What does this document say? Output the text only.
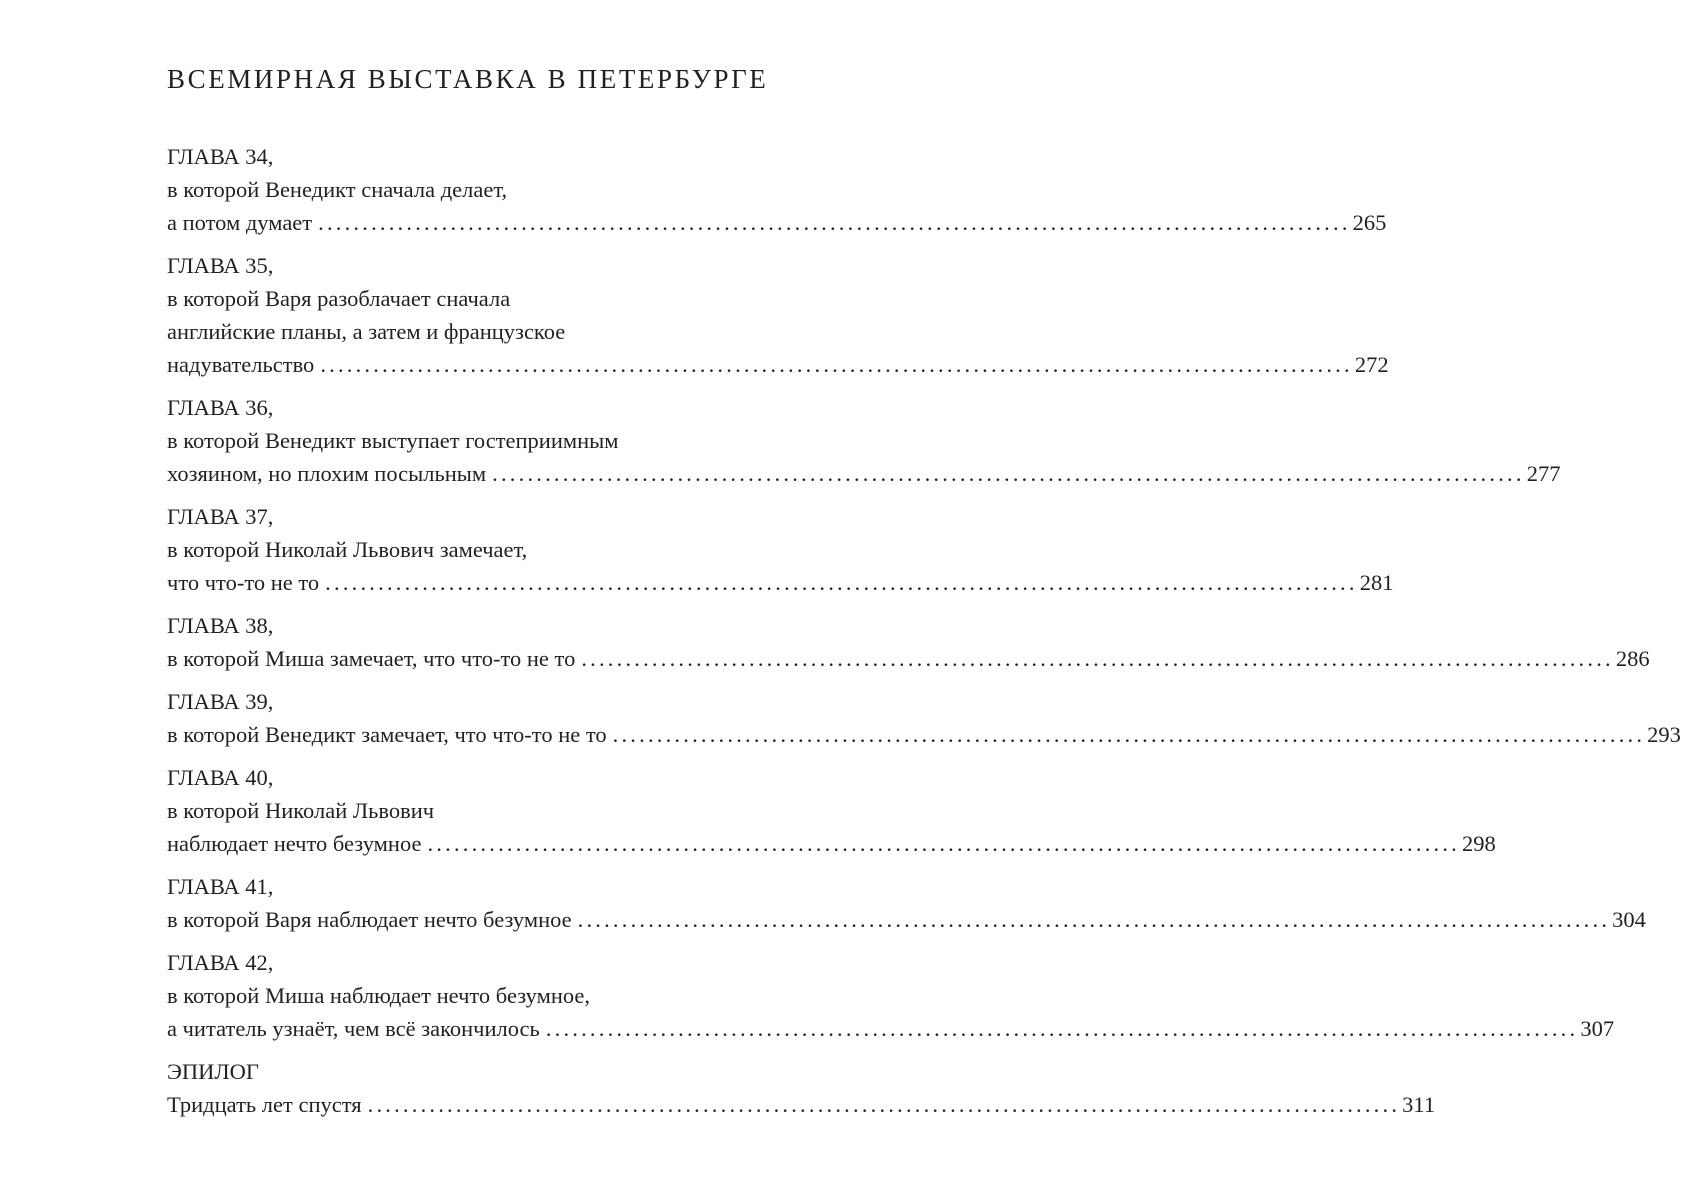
ВСЕМИРНАЯ ВЫСТАВКА В ПЕТЕРБУРГЕ
ГЛАВА 34,
в которой Венедикт сначала делает,
а потом думает ..................................................................................................................... 265
ГЛАВА 35,
в которой Варя разоблачает сначала
английские планы, а затем и французское
надувательство ..................................................................................................................... 272
ГЛАВА 36,
в которой Венедикт выступает гостеприимным
хозяином, но плохим посыльным ..................................................................................................................... 277
ГЛАВА 37,
в которой Николай Львович замечает,
что что-то не то ..................................................................................................................... 281
ГЛАВА 38,
в которой Миша замечает, что что-то не то ..................................................................................................................... 286
ГЛАВА 39,
в которой Венедикт замечает, что что-то не то ..................................................................................................................... 293
ГЛАВА 40,
в которой Николай Львович
наблюдает нечто безумное ..................................................................................................................... 298
ГЛАВА 41,
в которой Варя наблюдает нечто безумное ..................................................................................................................... 304
ГЛАВА 42,
в которой Миша наблюдает нечто безумное,
а читатель узнаёт, чем всё закончилось ..................................................................................................................... 307
ЭПИЛОГ
Тридцать лет спустя ..................................................................................................................... 311
